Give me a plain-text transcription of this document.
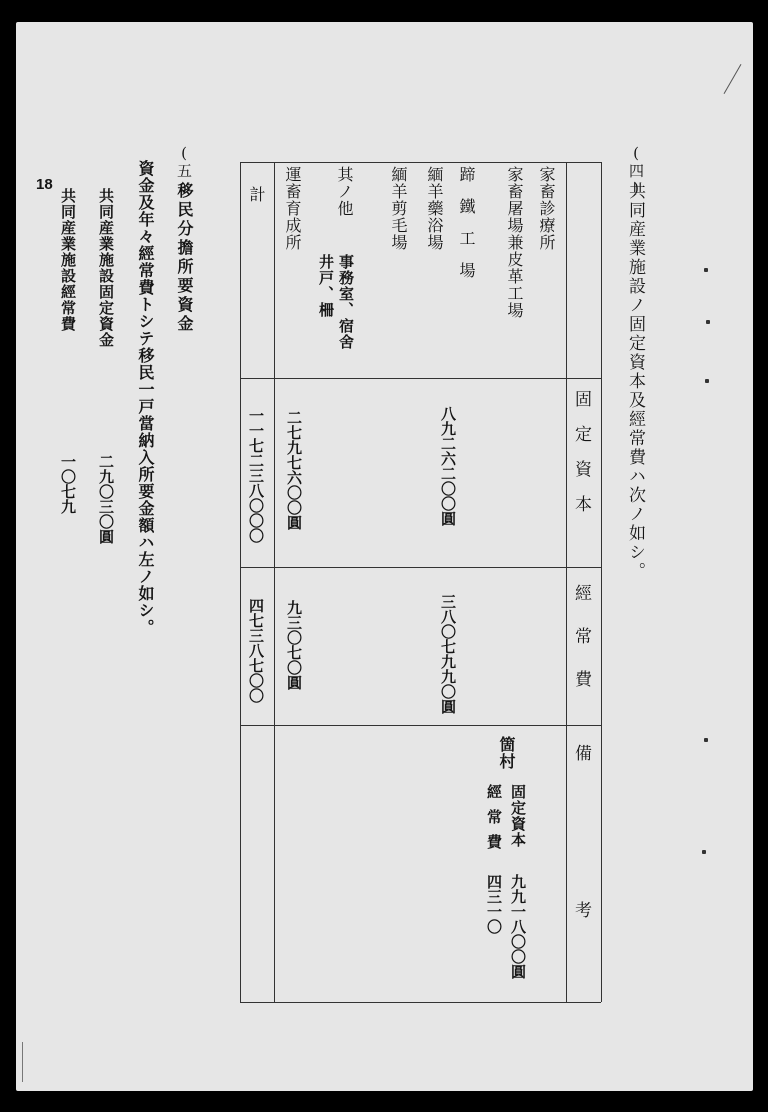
(四)
共同産業施設ノ固定資本及經常費ハ次ノ如シ。
固定資本
經常費
備考
家畜診療所
家畜屠場兼皮革工場
蹄鐵工場
緬羊藥浴場
緬羊剪毛場
其ノ他
事務室、宿舍
井戸、柵
運畜育成所
計
八九二六二〇〇圓
二七九七六〇〇圓
一一七二三八〇〇〇
三八〇七九九〇圓
九三〇七〇圓
四七三八七〇〇
箇村
固定資本
九九一八〇〇圓
經常費
四三一〇
(五)
移民分擔所要資金
資金及年々經常費トシテ移民一戸當納入所要金額ハ左ノ如シ。
共同産業施設固定資金
二九〇三〇圓
共同産業施設經常費
一〇七九
18
